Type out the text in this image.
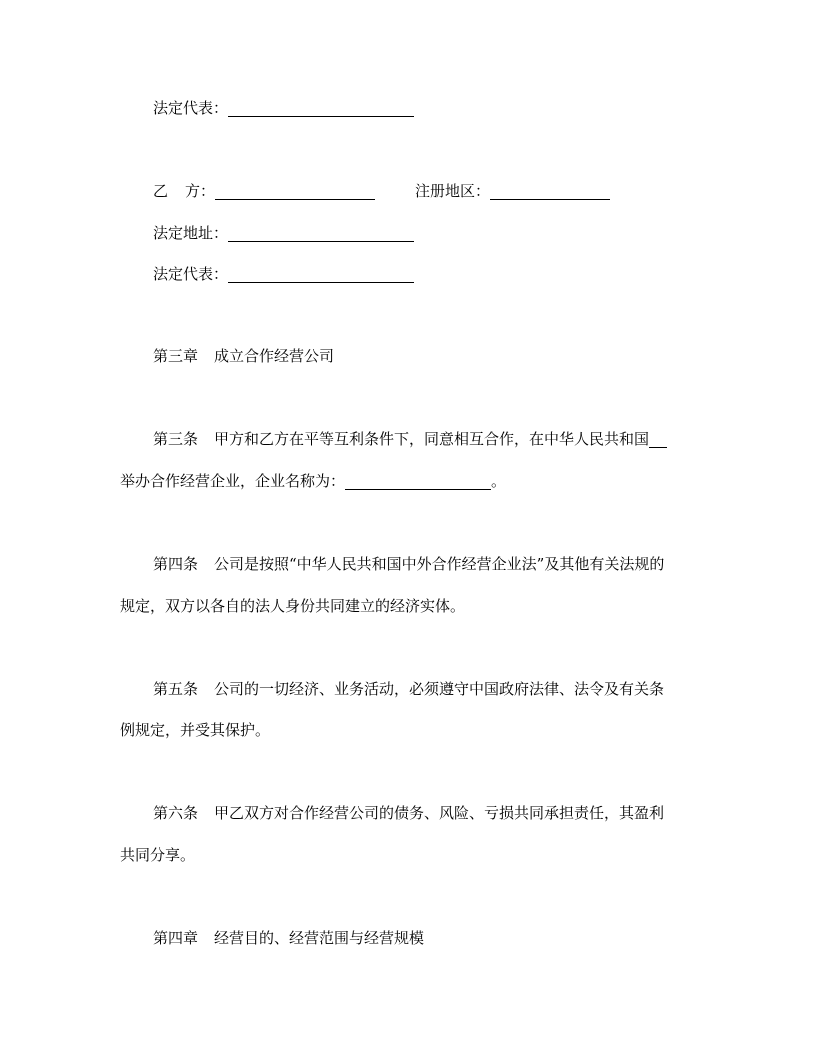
法定代表：
乙 方：	注册地区：
法定地址：
法定代表：
第三章 成立合作经营公司
第三条 甲方和乙方在平等互利条件下，同意相互合作，在中华人民共和国
举办合作经营企业，企业名称为：	。
第四条 公司是按照“中华人民共和国中外合作经营企业法”及其他有关法规的
规定，双方以各自的法人身份共同建立的经济实体。
第五条 公司的一切经济、业务活动，必须遵守中国政府法律、法令及有关条
例规定，并受其保护。
第六条 甲乙双方对合作经营公司的债务、风险、亏损共同承担责任，其盈利
共同分享。
第四章 经营目的、经营范围与经营规模
